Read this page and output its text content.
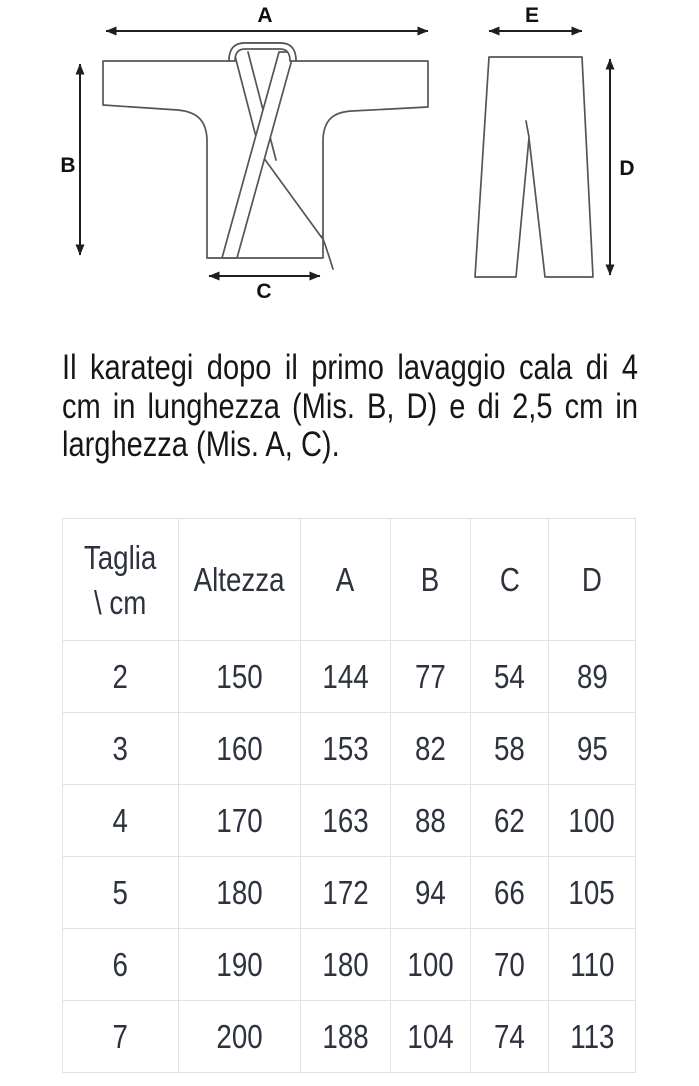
A
B
C
E
D
Il karategi dopo il primo lavaggio cala di 4
cm in lunghezza (Mis. B, D) e di 2,5 cm in
larghezza (Mis. A, C).
Taglia
\ cm	Altezza	A	B	C	D
2	150	144	77	54	89
3	160	153	82	58	95
4	170	163	88	62	100
5	180	172	94	66	105
6	190	180	100	70	110
7	200	188	104	74	113
